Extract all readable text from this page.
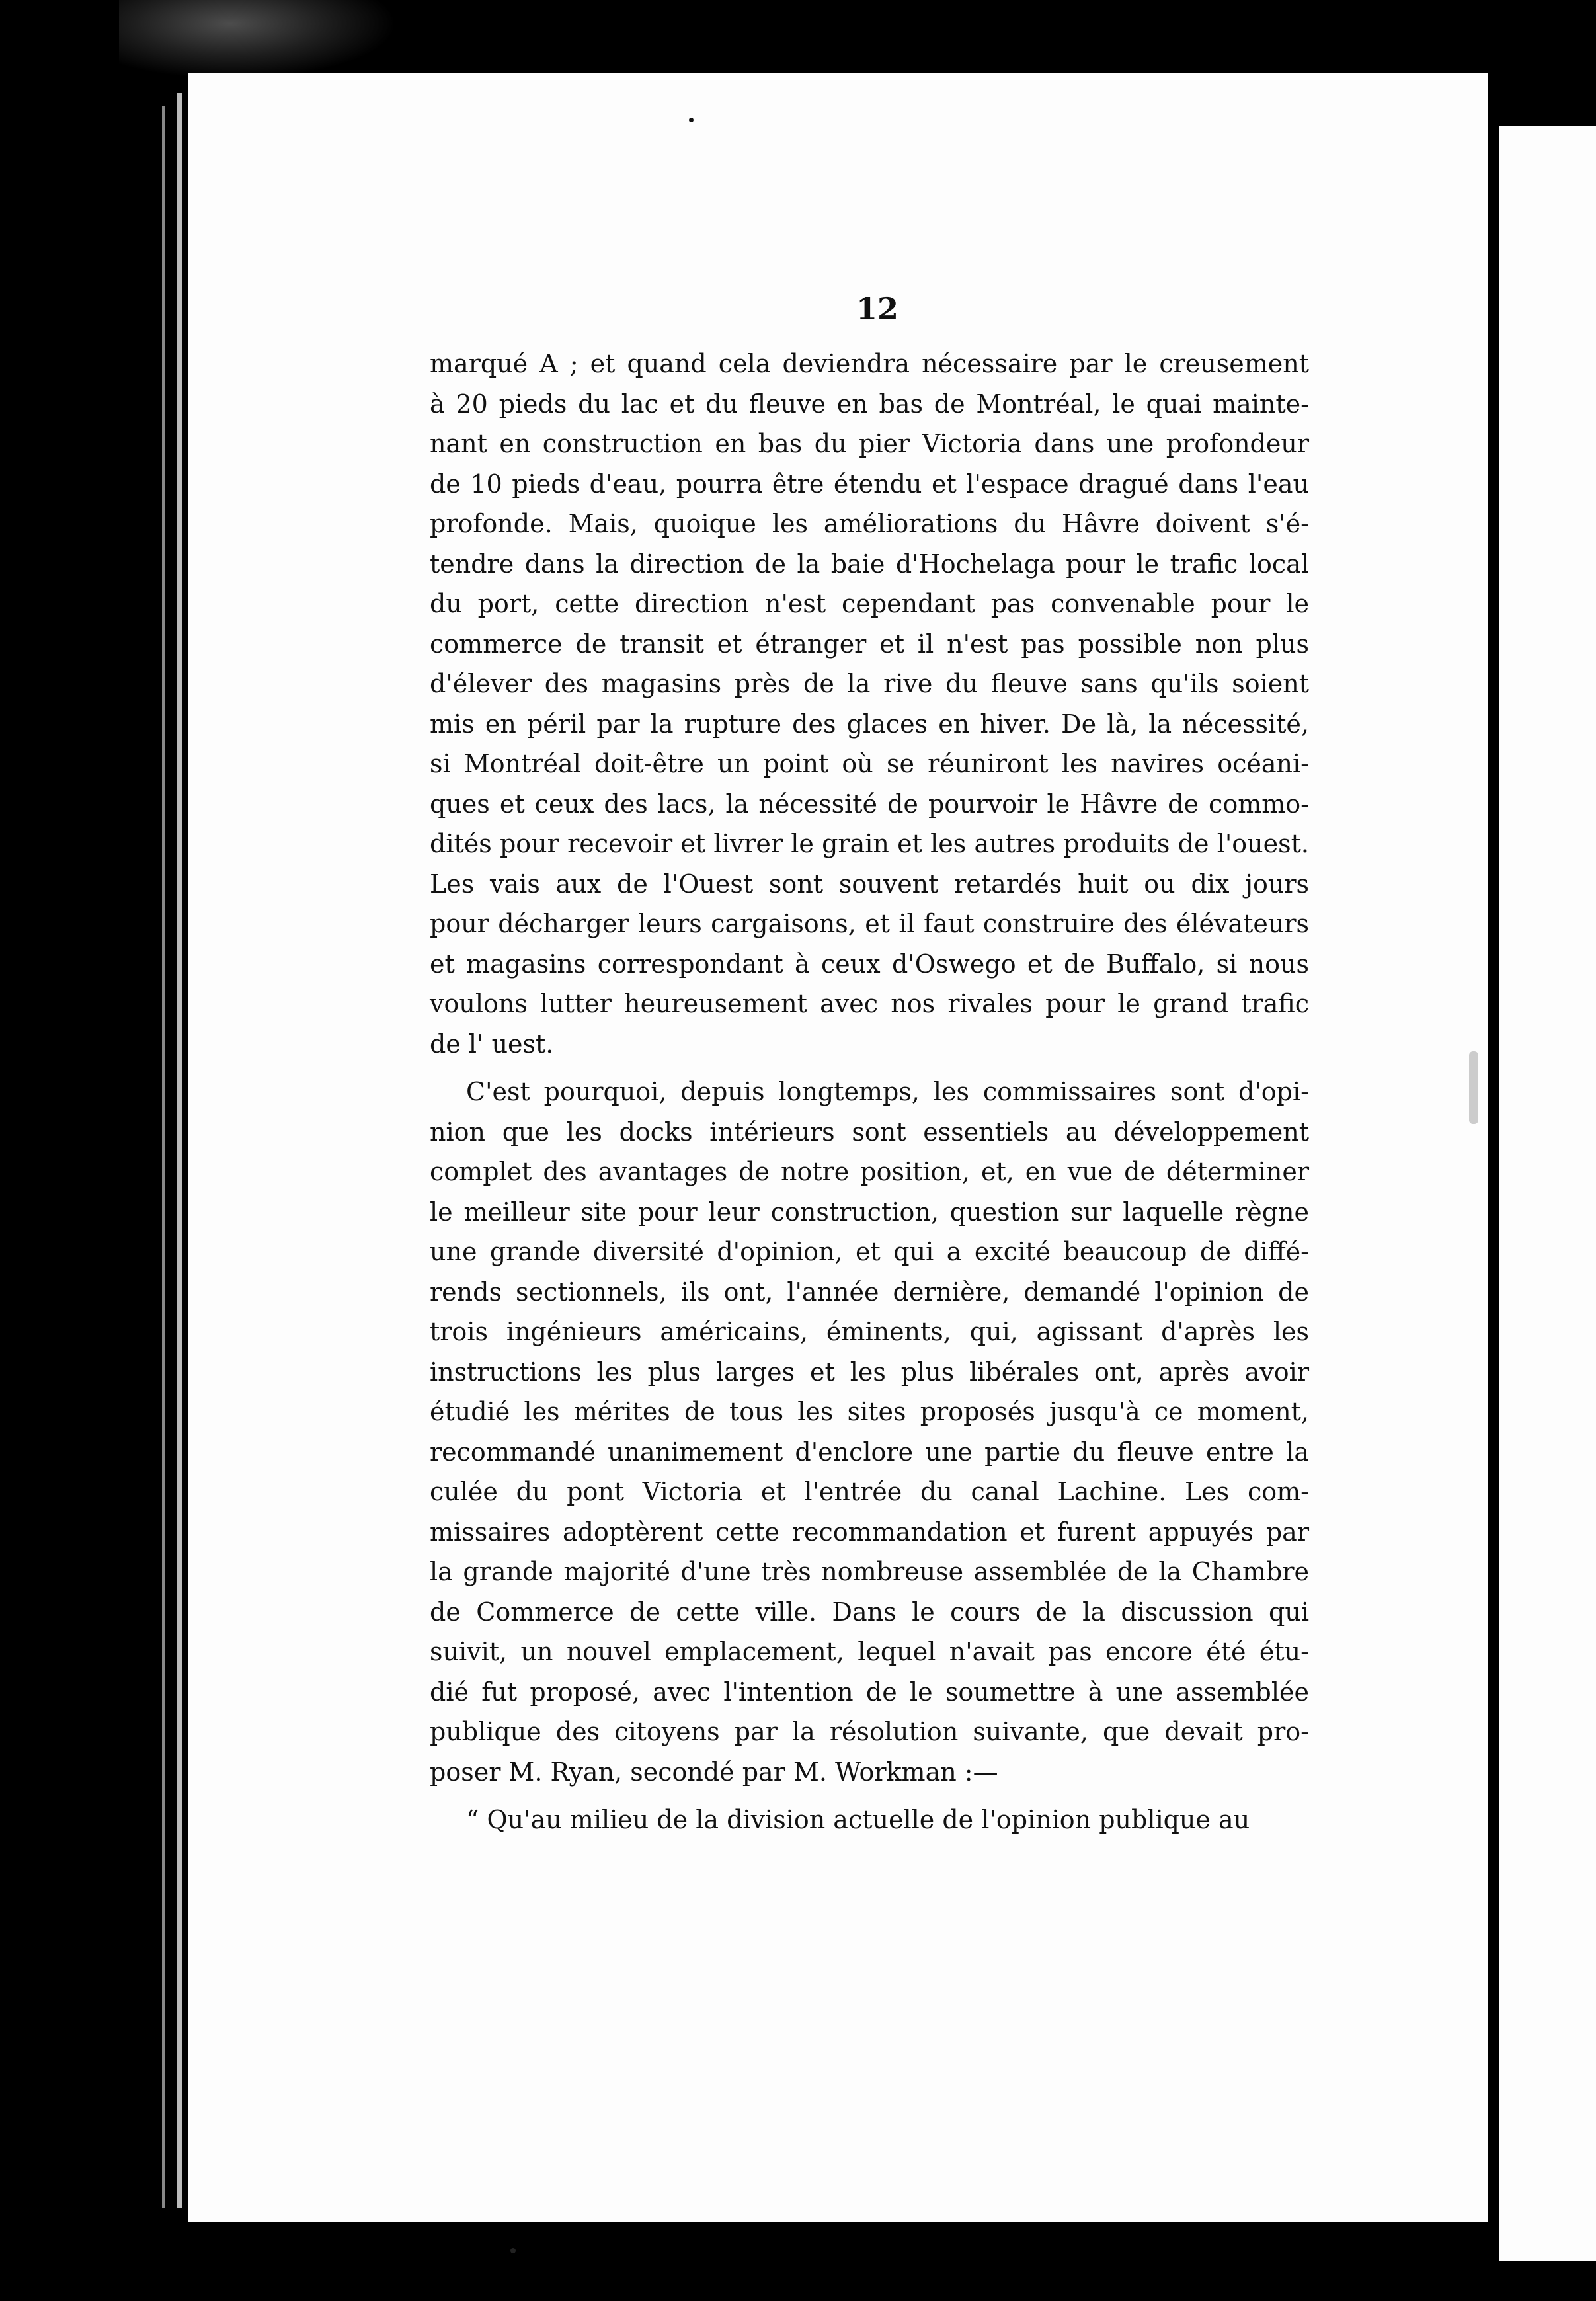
12
marqué A ; et quand cela deviendra nécessaire par le creusement
à 20 pieds du lac et du fleuve en bas de Montréal, le quai mainte-
nant en construction en bas du pier Victoria dans une profondeur
de 10 pieds d'eau, pourra être étendu et l'espace dragué dans l'eau
profonde. Mais, quoique les améliorations du Hâvre doivent s'é-
tendre dans la direction de la baie d'Hochelaga pour le trafic local
du port, cette direction n'est cependant pas convenable pour le
commerce de transit et étranger et il n'est pas possible non plus
d'élever des magasins près de la rive du fleuve sans qu'ils soient
mis en péril par la rupture des glaces en hiver. De là, la nécessité,
si Montréal doit-être un point où se réuniront les navires océani-
ques et ceux des lacs, la nécessité de pourvoir le Hâvre de commo-
dités pour recevoir et livrer le grain et les autres produits de l'ouest.
Les vais aux de l'Ouest sont souvent retardés huit ou dix jours
pour décharger leurs cargaisons, et il faut construire des élévateurs
et magasins correspondant à ceux d'Oswego et de Buffalo, si nous
voulons lutter heureusement avec nos rivales pour le grand trafic
de l' uest.
C'est pourquoi, depuis longtemps, les commissaires sont d'opi-
nion que les docks intérieurs sont essentiels au développement
complet des avantages de notre position, et, en vue de déterminer
le meilleur site pour leur construction, question sur laquelle règne
une grande diversité d'opinion, et qui a excité beaucoup de diffé-
rends sectionnels, ils ont, l'année dernière, demandé l'opinion de
trois ingénieurs américains, éminents, qui, agissant d'après les
instructions les plus larges et les plus libérales ont, après avoir
étudié les mérites de tous les sites proposés jusqu'à ce moment,
recommandé unanimement d'enclore une partie du fleuve entre la
culée du pont Victoria et l'entrée du canal Lachine. Les com-
missaires adoptèrent cette recommandation et furent appuyés par
la grande majorité d'une très nombreuse assemblée de la Chambre
de Commerce de cette ville. Dans le cours de la discussion qui
suivit, un nouvel emplacement, lequel n'avait pas encore été étu-
dié fut proposé, avec l'intention de le soumettre à une assemblée
publique des citoyens par la résolution suivante, que devait pro-
poser M. Ryan, secondé par M. Workman :—
“ Qu'au milieu de la division actuelle de l'opinion publique au
